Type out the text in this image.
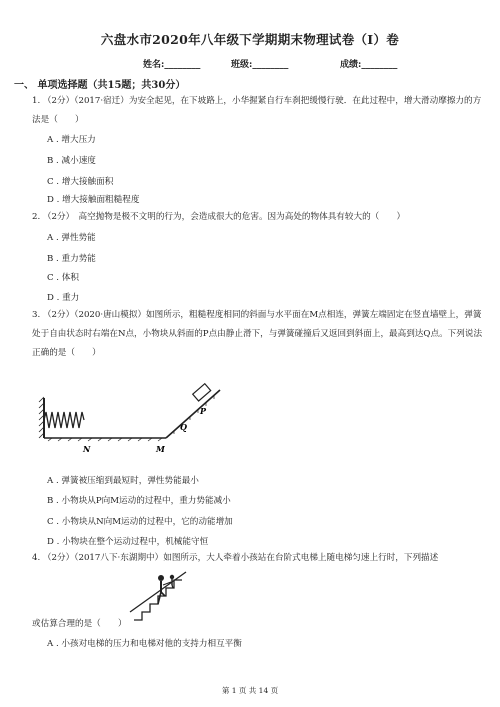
六盘水市2020年八年级下学期期末物理试卷（I）卷
姓名:________	班级:________	成绩:________
一、 单项选择题（共15题；共30分）
1. （2分）（2017·宿迁）为安全起见，在下坡路上，小华握紧自行车刹把缓慢行驶．在此过程中，增大滑动摩擦力的方法是（　　）
A . 增大压力
B . 减小速度
C . 增大接触面积
D . 增大接触面粗糙程度
2. （2分）　高空抛物是极不文明的行为，会造成很大的危害。因为高处的物体具有较大的（　　）
A . 弹性势能
B . 重力势能
C . 体积
D . 重力
3. （2分）（2020·唐山模拟）如图所示，粗糙程度相同的斜面与水平面在M点相连，弹簧左端固定在竖直墙壁上，弹簧处于自由状态时右端在N点，小物块从斜面的P点由静止滑下，与弹簧碰撞后又返回到斜面上，最高到达Q点。下列说法正确的是（　　）
N	M
P
Q
A . 弹簧被压缩到最短时，弹性势能最小
B . 小物块从P向M运动的过程中，重力势能减小
C . 小物块从N向M运动的过程中，它的动能增加
D . 小物块在整个运动过程中，机械能守恒
4. （2分）（2017八下·东湖期中）如图所示，大人牵着小孩站在台阶式电梯上随电梯匀速上行时，下列描述
或估算合理的是（　　）
A . 小孩对电梯的压力和电梯对他的支持力相互平衡
第 1 页 共 14 页
